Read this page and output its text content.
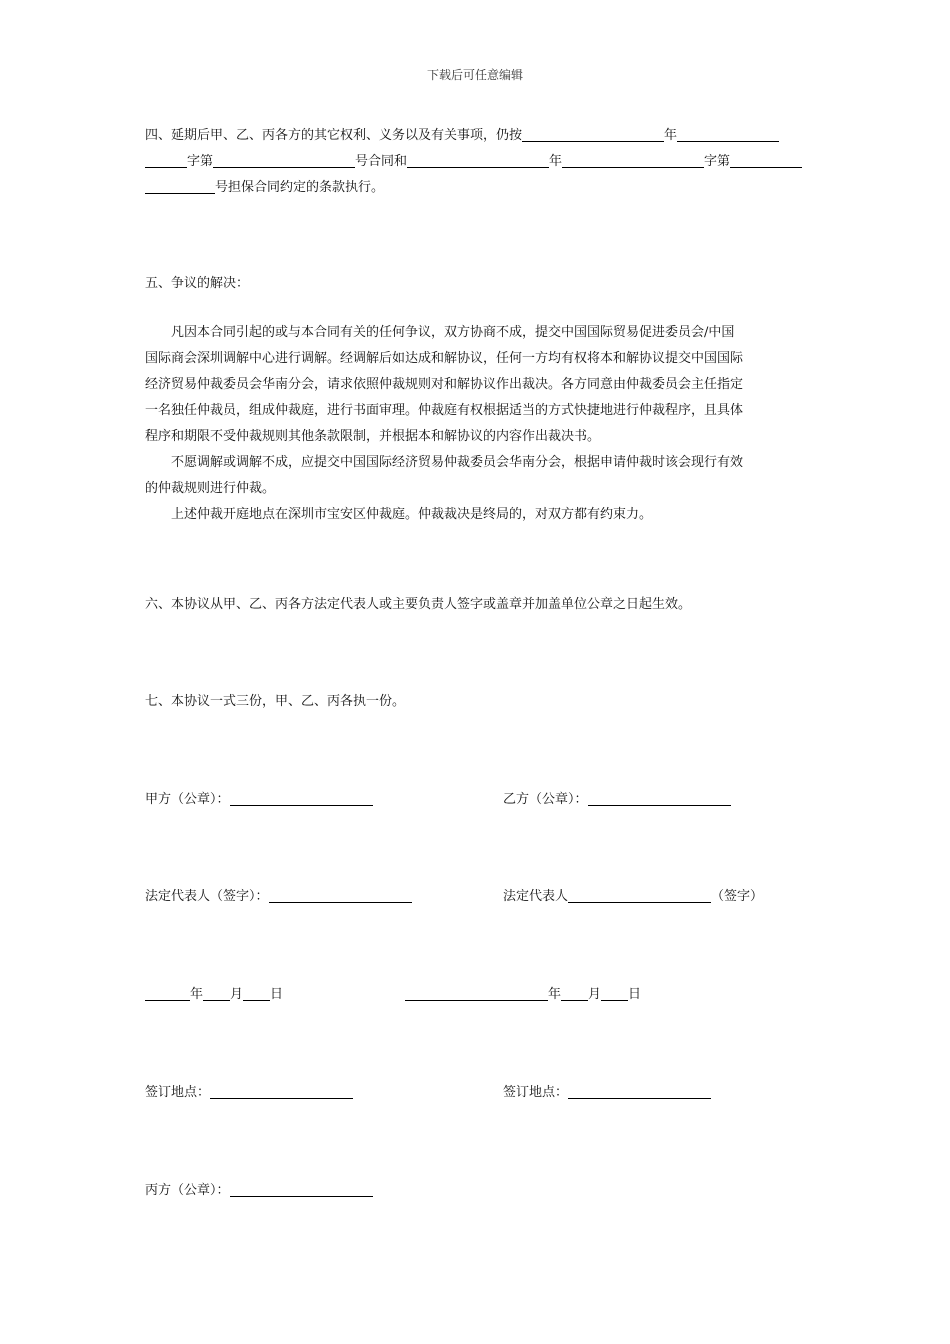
下载后可任意编辑
四、延期后甲、乙、丙各方的其它权利、义务以及有关事项，仍按	年
字第	号合同和	年	字第
号担保合同约定的条款执行。
五、争议的解决：
凡因本合同引起的或与本合同有关的任何争议，双方协商不成，提交中国国际贸易促进委员会/中国
国际商会深圳调解中心进行调解。经调解后如达成和解协议，任何一方均有权将本和解协议提交中国国际
经济贸易仲裁委员会华南分会，请求依照仲裁规则对和解协议作出裁决。各方同意由仲裁委员会主任指定
一名独任仲裁员，组成仲裁庭，进行书面审理。仲裁庭有权根据适当的方式快捷地进行仲裁程序，且具体
程序和期限不受仲裁规则其他条款限制，并根据本和解协议的内容作出裁决书。
不愿调解或调解不成，应提交中国国际经济贸易仲裁委员会华南分会，根据申请仲裁时该会现行有效
的仲裁规则进行仲裁。
上述仲裁开庭地点在深圳市宝安区仲裁庭。仲裁裁决是终局的，对双方都有约束力。
六、本协议从甲、乙、丙各方法定代表人或主要负责人签字或盖章并加盖单位公章之日起生效。
七、本协议一式三份，甲、乙、丙各执一份。
甲方（公章）：	乙方（公章）：
法定代表人（签字）：	法定代表人	（签字）
年 月 日	年 月 日
签订地点：	签订地点：
丙方（公章）：
